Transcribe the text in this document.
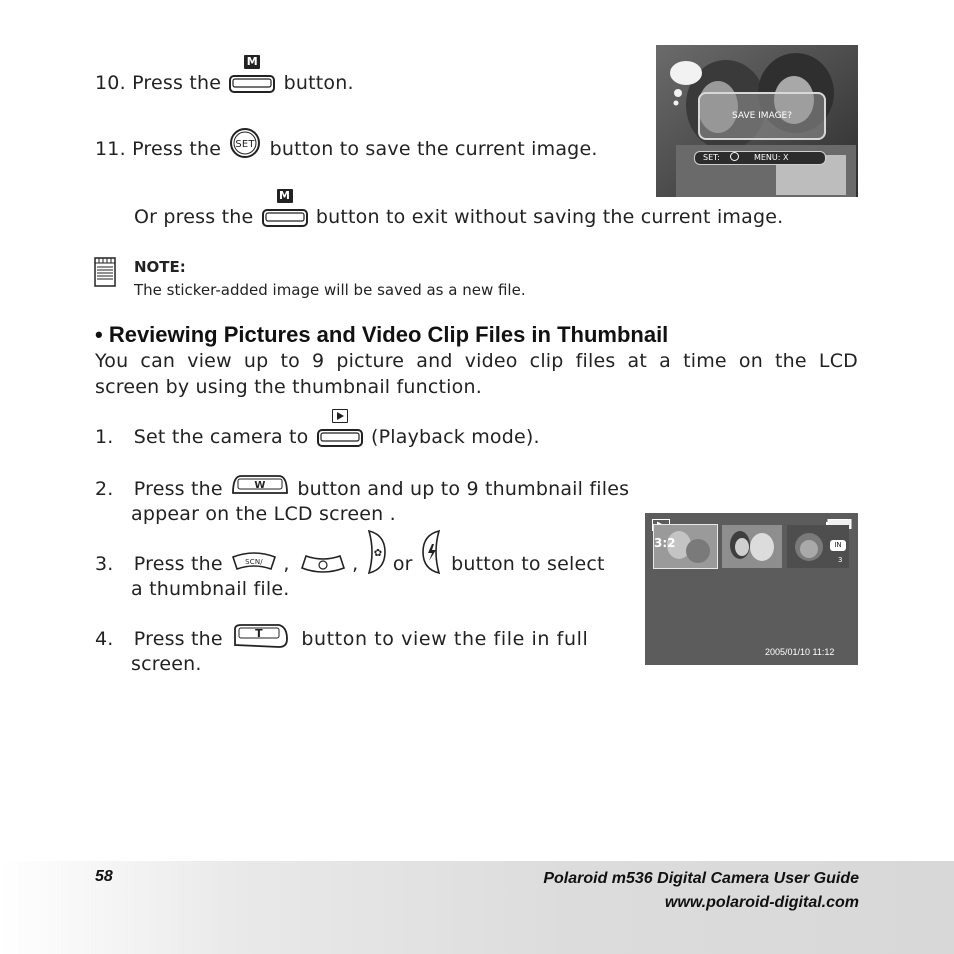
10. Press the
M
button.
11. Press the SET button to save the current image.
Or press the
M
button to exit without saving the current image.
SAVE IMAGE?
SET:	MENU: X
NOTE:
The sticker-added image will be saved as a new file.
• Reviewing Pictures and Video Clip Files in Thumbnail
You can view up to 9 picture and video clip files at a time on the LCD
screen by using the thumbnail function.
1. Set the camera to	(Playback mode).
2. Press the	W button and up to 9 thumbnail files
appear on the LCD screen .
3. Press the	SCN/ ,	, ✿ or button to select
a thumbnail file.
4. Press the	T button to view the file in full
screen.
3:2	IN
3
2005/01/10 11:12
58	Polaroid m536 Digital Camera User Guide
www.polaroid-digital.com
